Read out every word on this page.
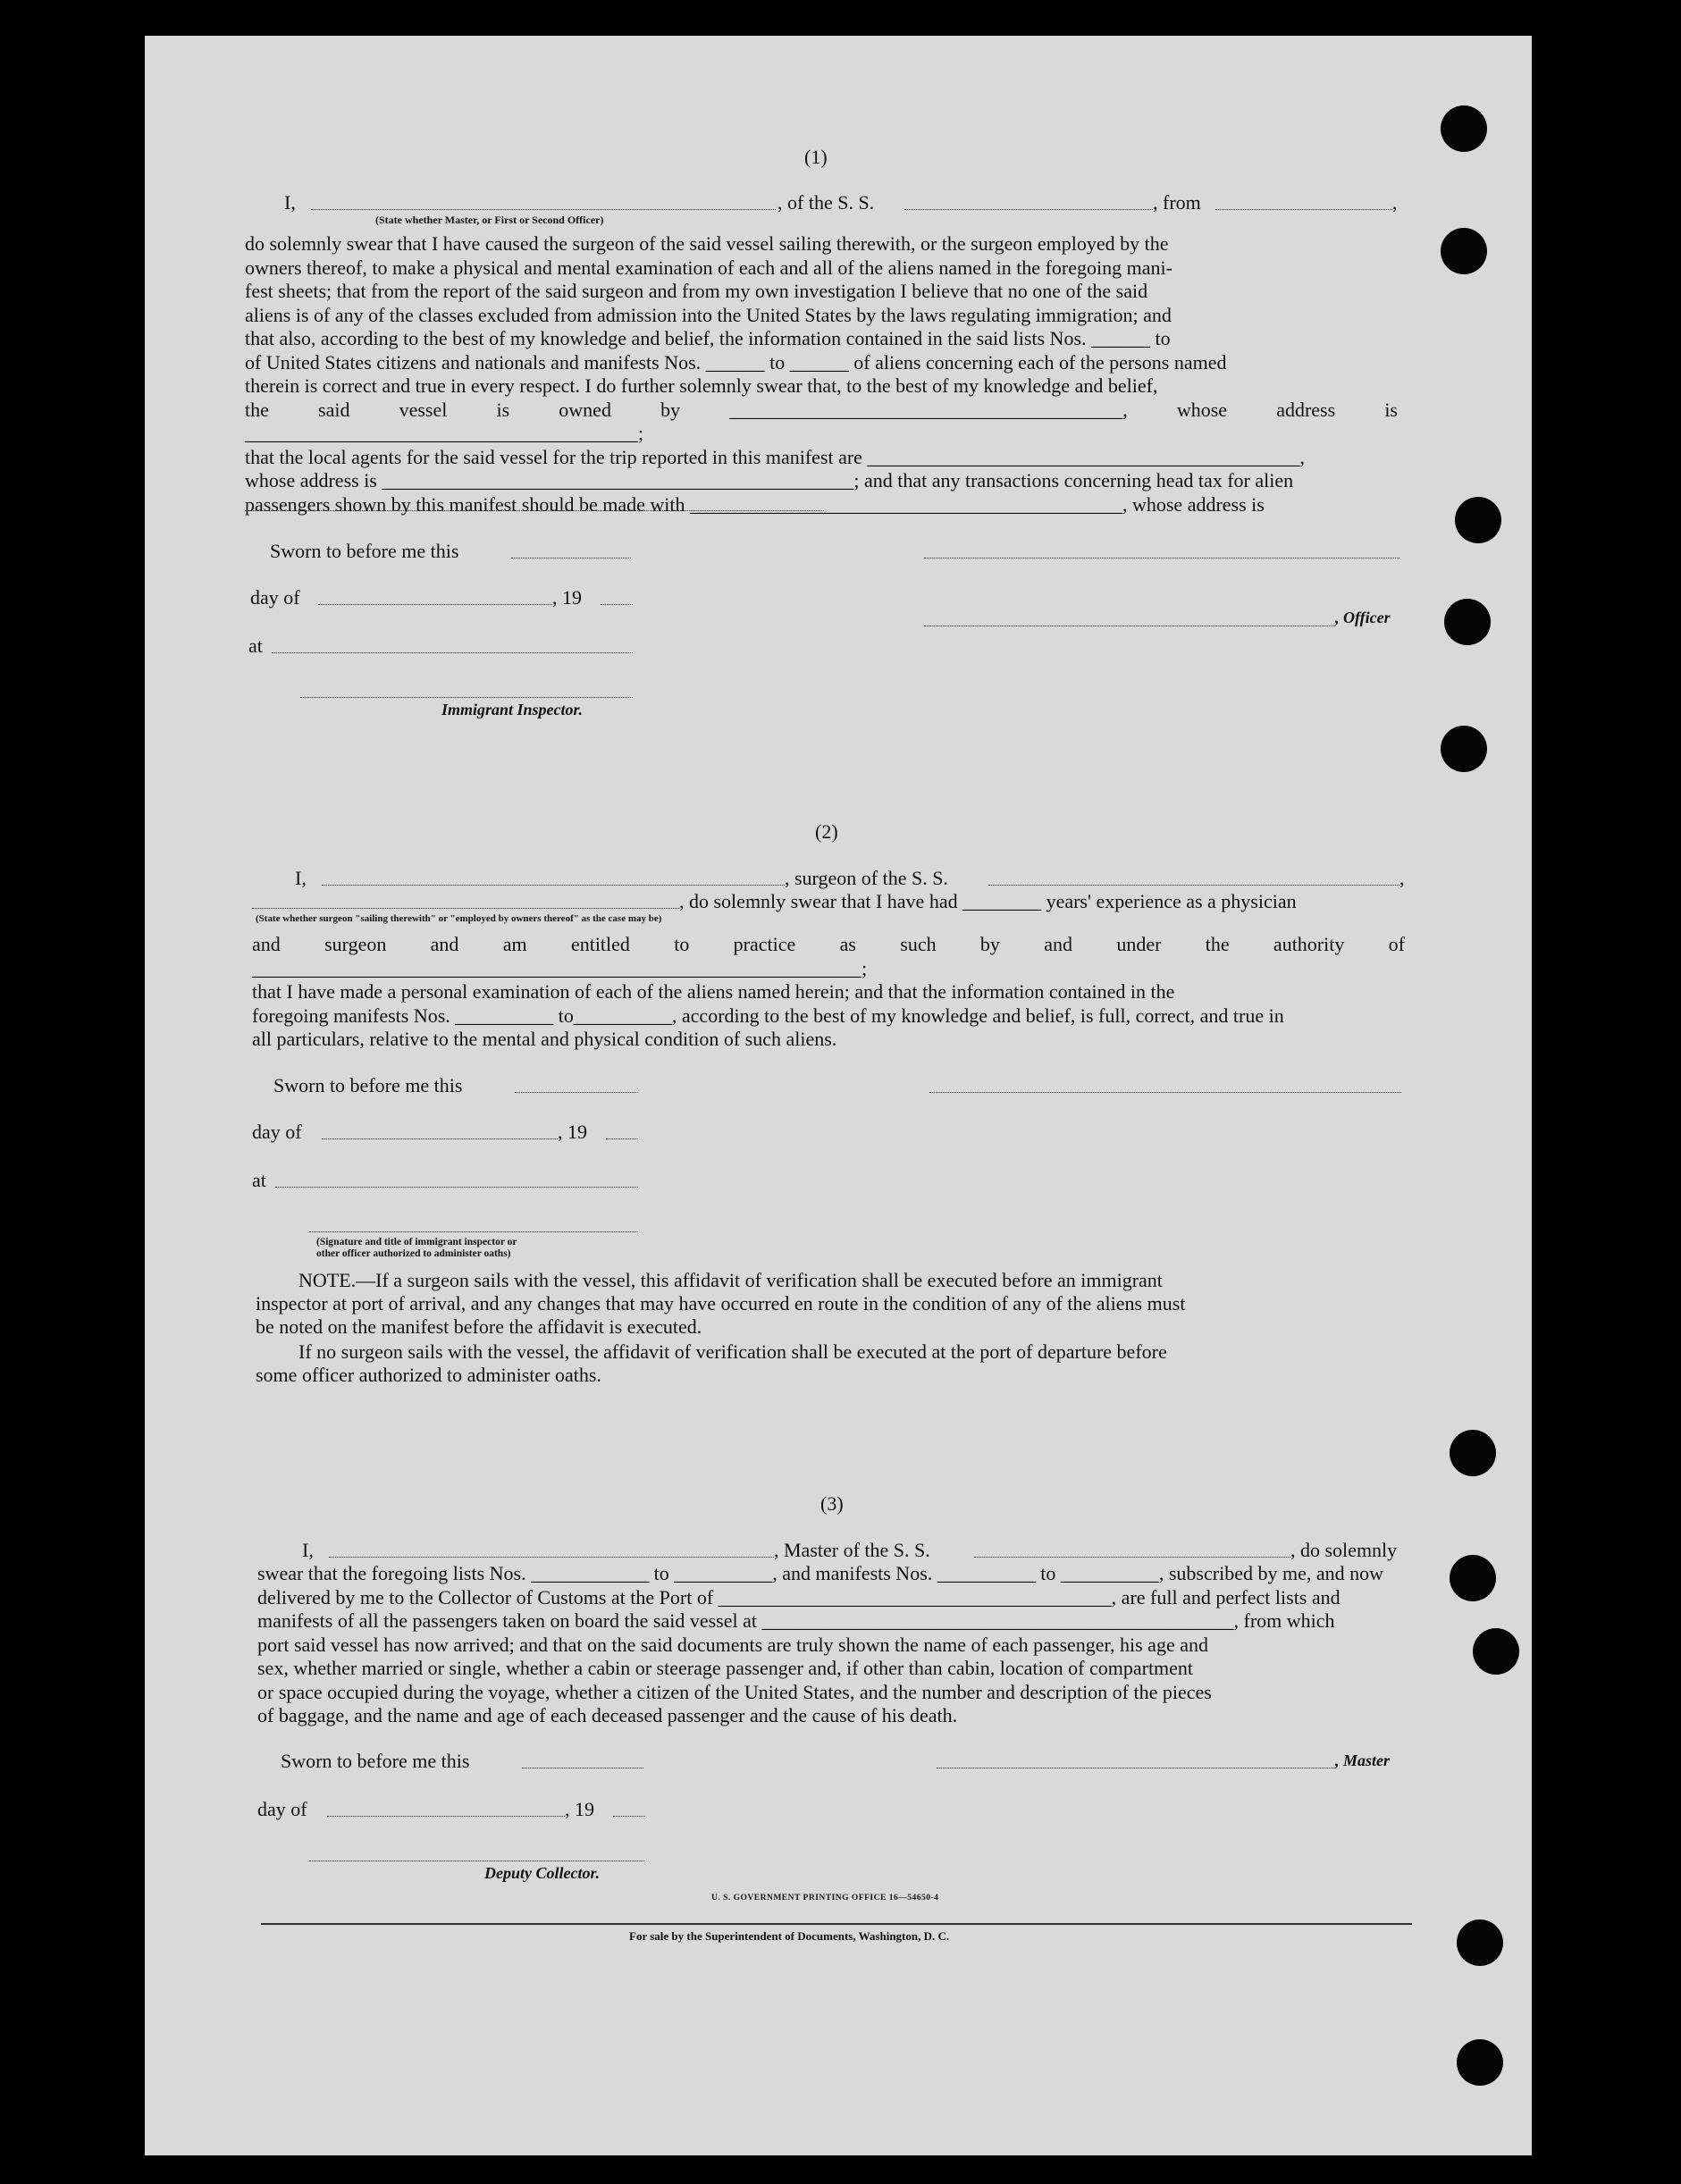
(1)
I,	, of the S. S.	, from	,
(State whether Master, or First or Second Officer)

do solemnly swear that I have caused the surgeon of the said vessel sailing therewith, or the surgeon employed by the

owners thereof, to make a physical and mental examination of each and all of the aliens named in the foregoing mani-

fest sheets; that from the report of the said surgeon and from my own investigation I believe that no one of the said

aliens is of any of the classes excluded from admission into the United States by the laws regulating immigration; and

that also, according to the best of my knowledge and belief, the information contained in the said lists Nos. ______ to

of United States citizens and nationals and manifests Nos. ______ to ______ of aliens concerning each of the persons named

therein is correct and true in every respect. I do further solemnly swear that, to the best of my knowledge and belief,

the said vessel is owned by ________________________________________, whose address is ________________________________________;

that the local agents for the said vessel for the trip reported in this manifest are ____________________________________________,

whose address is ________________________________________________; and that any transactions concerning head tax for alien

passengers shown by this manifest should be made with ____________________________________________, whose address is

Sworn to before me this
day of	, 19
, Officer
at
Immigrant Inspector.
(2)
I,	, surgeon of the S. S.	,
, do solemnly swear that I have had ________ years' experience as a physician
(State whether surgeon "sailing therewith" or "employed by owners thereof" as the case may be)

and surgeon and am entitled to practice as such by and under the authority of ______________________________________________________________;

that I have made a personal examination of each of the aliens named herein; and that the information contained in the

foregoing manifests Nos. __________ to__________, according to the best of my knowledge and belief, is full, correct, and true in

all particulars, relative to the mental and physical condition of such aliens.

Sworn to before me this
day of	, 19
at
(Signature and title of immigrant inspector or
other officer authorized to administer oaths)
NOTE.—If a surgeon sails with the vessel, this affidavit of verification shall be executed before an immigrant
inspector at port of arrival, and any changes that may have occurred en route in the condition of any of the aliens must
be noted on the manifest before the affidavit is executed.
If no surgeon sails with the vessel, the affidavit of verification shall be executed at the port of departure before
some officer authorized to administer oaths.
(3)
I,	, Master of the S. S.	, do solemnly

swear that the foregoing lists Nos. ____________ to __________, and manifests Nos. __________ to __________, subscribed by me, and now

delivered by me to the Collector of Customs at the Port of ________________________________________, are full and perfect lists and

manifests of all the passengers taken on board the said vessel at ________________________________________________, from which

port said vessel has now arrived; and that on the said documents are truly shown the name of each passenger, his age and

sex, whether married or single, whether a cabin or steerage passenger and, if other than cabin, location of compartment

or space occupied during the voyage, whether a citizen of the United States, and the number and description of the pieces

of baggage, and the name and age of each deceased passenger and the cause of his death.

Sworn to before me this	, Master
day of	, 19
Deputy Collector.
U. S. GOVERNMENT PRINTING OFFICE 16—54650-4
For sale by the Superintendent of Documents, Washington, D. C.
